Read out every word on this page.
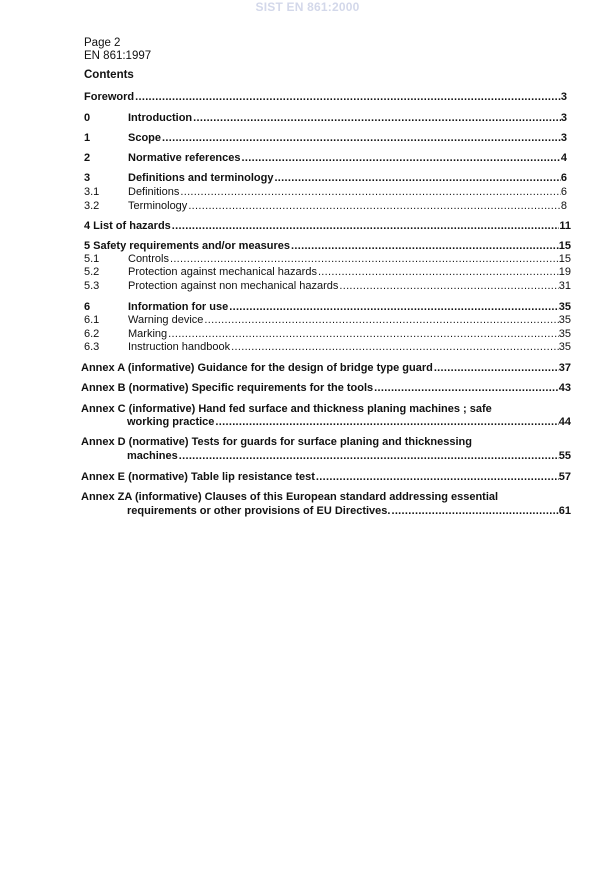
SIST EN 861:2000
Page 2
EN 861:1997
Contents
Foreword .....	3
0	Introduction .....	3
1	Scope .....	3
2	Normative references .....	4
3	Definitions and terminology .....	6
3.1	Definitions .....	6
3.2	Terminology .....	8
4 List of hazards .....	11
5 Safety requirements and/or measures .....	15
5.1	Controls .....	15
5.2	Protection against mechanical hazards .....	19
5.3	Protection against non mechanical hazards .....	31
6	Information for use .....	35
6.1	Warning device .....	35
6.2	Marking .....	35
6.3	Instruction handbook .....	35
Annex A (informative) Guidance for the design of bridge type guard .....	37
Annex B (normative) Specific requirements for the tools .....	43
Annex C (informative) Hand fed surface and thickness planing machines ; safe
working practice .....	44
Annex D (normative) Tests for guards for surface planing and thicknessing
machines .....	55
Annex E (normative) Table lip resistance test .....	57
Annex ZA (informative) Clauses of this European standard addressing essential
requirements or other provisions of EU Directives. .....	61
